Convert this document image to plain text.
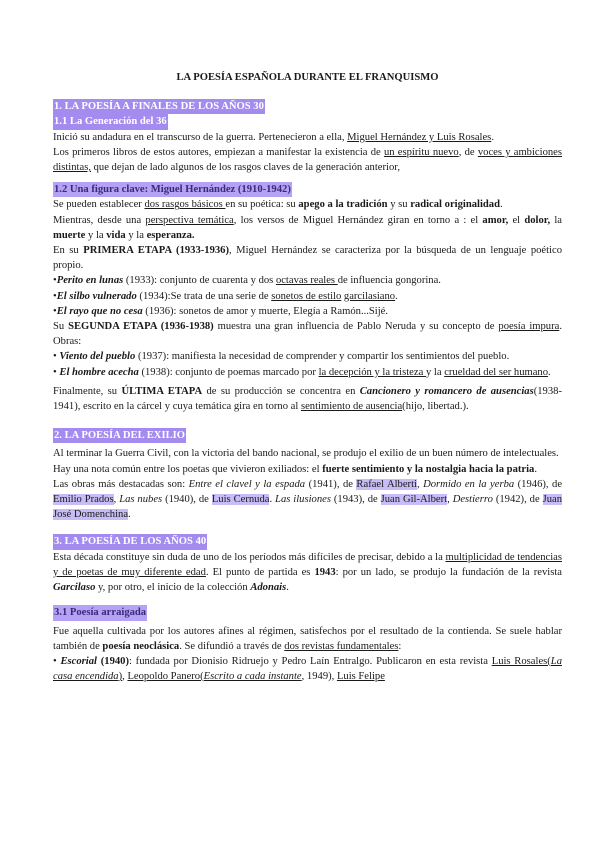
LA POESÍA ESPAÑOLA DURANTE EL FRANQUISMO

1. LA POESÍA A FINALES DE LOS AÑOS 30

1.1 La Generación del 36

Inició su andadura en el transcurso de la guerra. Pertenecieron a ella, Miguel Hernández y Luis Rosales.

Los primeros libros de estos autores, empiezan a manifestar la existencia de un espíritu nuevo, de voces y ambiciones distintas, que dejan de lado algunos de los rasgos claves de la generación anterior,

1.2 Una figura clave: Miguel Hernández (1910-1942)

Se pueden establecer dos rasgos básicos en su poética: su apego a la tradición y su radical originalidad.

Mientras, desde una perspectiva temática, los versos de Miguel Hernández giran en torno a : el amor, el dolor, la muerte y la vida y la esperanza.

En su PRIMERA ETAPA (1933-1936), Miguel Hernández se caracteriza por la búsqueda de un lenguaje poético propio.

•Perito en lunas (1933): conjunto de cuarenta y dos octavas reales de influencia gongorina.

•El silbo vulnerado (1934):Se trata de una serie de sonetos de estilo garcilasiano.

•El rayo que no cesa (1936): sonetos de amor y muerte, Elegía a Ramón...Sijé.

Su SEGUNDA ETAPA (1936-1938) muestra una gran influencia de Pablo Neruda y su concepto de poesía impura. Obras:

• Viento del pueblo (1937): manifiesta la necesidad de comprender y compartir los sentimientos del pueblo.

• El hombre acecha (1938): conjunto de poemas marcado por la decepción y la tristeza y la crueldad del ser humano.

Finalmente, su ÚLTIMA ETAPA de su producción se concentra en Cancionero y romancero de ausencias(1938-1941), escrito en la cárcel y cuya temática gira en torno al sentimiento de ausencia(hijo, libertad.).

2. LA POESÍA DEL EXILIO

Al terminar la Guerra Civil, con la victoria del bando nacional, se produjo el exilio de un buen número de intelectuales.

Hay una nota común entre los poetas que vivieron exiliados: el fuerte sentimiento y la nostalgia hacia la patria.

Las obras más destacadas son: Entre el clavel y la espada (1941), de Rafael Alberti, Dormido en la yerba (1946), de Emilio Prados, Las nubes (1940), de Luis Cernuda. Las ilusiones (1943), de Juan Gil-Albert, Destierro (1942), de Juan José Domenchina.

3. LA POESÍA DE LOS AÑOS 40

Esta década constituye sin duda de uno de los períodos más difíciles de precisar, debido a la multiplicidad de tendencias y de poetas de muy diferente edad. El punto de partida es 1943: por un lado, se produjo la fundación de la revista Garcilaso y, por otro, el inicio de la colección Adonais.

3.1 Poesía arraigada

Fue aquella cultivada por los autores afines al régimen, satisfechos por el resultado de la contienda. Se suele hablar también de poesía neoclásica. Se difundió a través de dos revistas fundamentales:

• Escorial (1940): fundada por Dionisio Ridruejo y Pedro Laín Entralgo. Publicaron en esta revista Luis Rosales(La casa encendida), Leopoldo Panero(Escrito a cada instante, 1949), Luis Felipe
